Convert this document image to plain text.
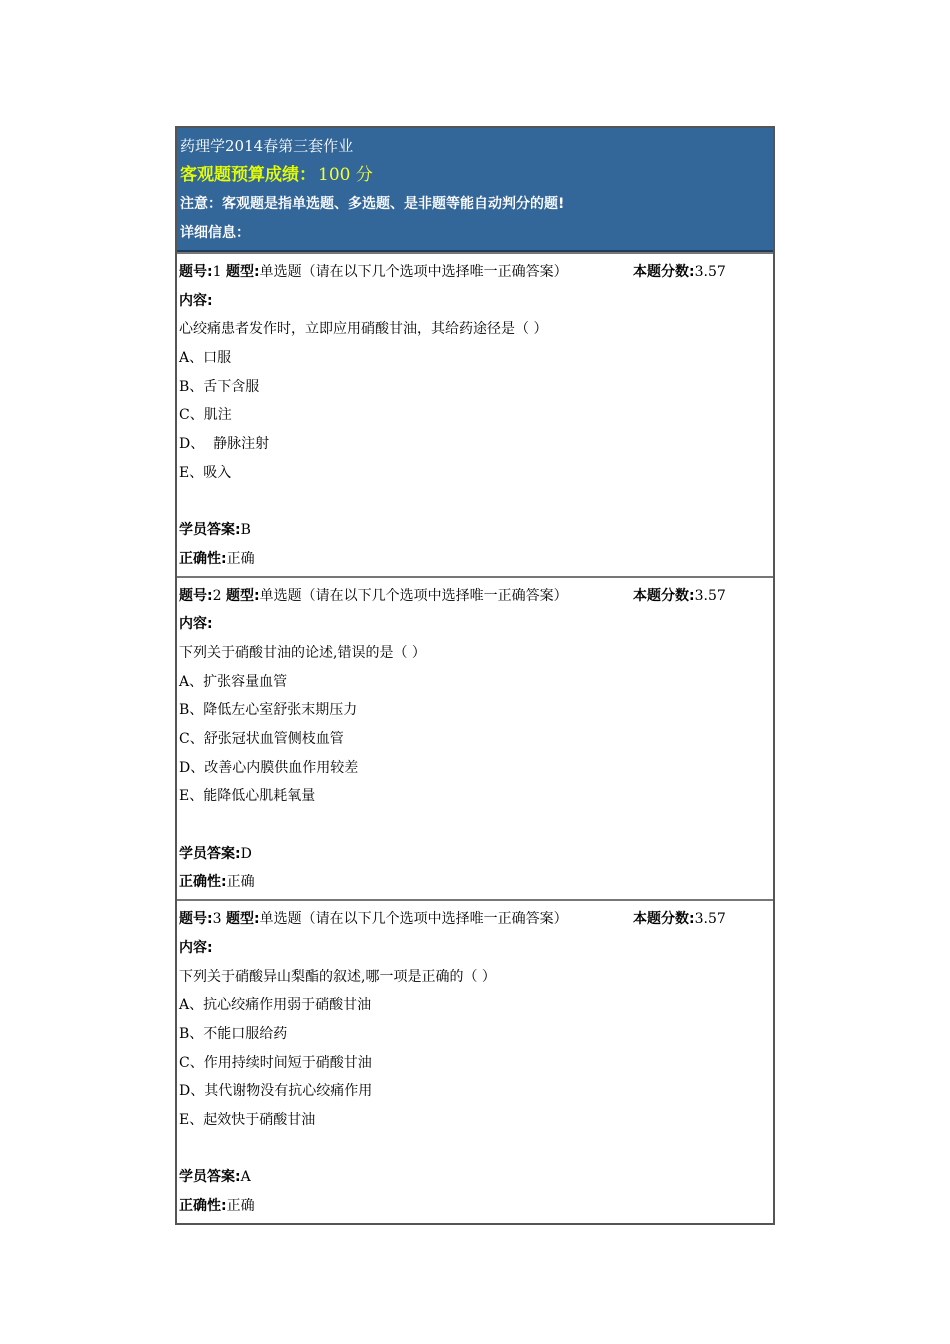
药理学2014春第三套作业
客观题预算成绩： 100 分
注意：客观题是指单选题、多选题、是非题等能自动判分的题!
详细信息：
题号:1 题型:单选题（请在以下几个选项中选择唯一正确答案）	本题分数:3.57
内容:
心绞痛患者发作时，立即应用硝酸甘油，其给药途径是（ ）
A、口服
B、舌下含服
C、肌注
D、  静脉注射
E、吸入
学员答案:B
正确性:正确
题号:2 题型:单选题（请在以下几个选项中选择唯一正确答案）	本题分数:3.57
内容:
下列关于硝酸甘油的论述,错误的是（ ）
A、扩张容量血管
B、降低左心室舒张末期压力
C、舒张冠状血管侧枝血管
D、改善心内膜供血作用较差
E、能降低心肌耗氧量
学员答案:D
正确性:正确
题号:3 题型:单选题（请在以下几个选项中选择唯一正确答案）	本题分数:3.57
内容:
下列关于硝酸异山梨酯的叙述,哪一项是正确的（ ）
A、抗心绞痛作用弱于硝酸甘油
B、不能口服给药
C、作用持续时间短于硝酸甘油
D、其代谢物没有抗心绞痛作用
E、起效快于硝酸甘油
学员答案:A
正确性:正确
